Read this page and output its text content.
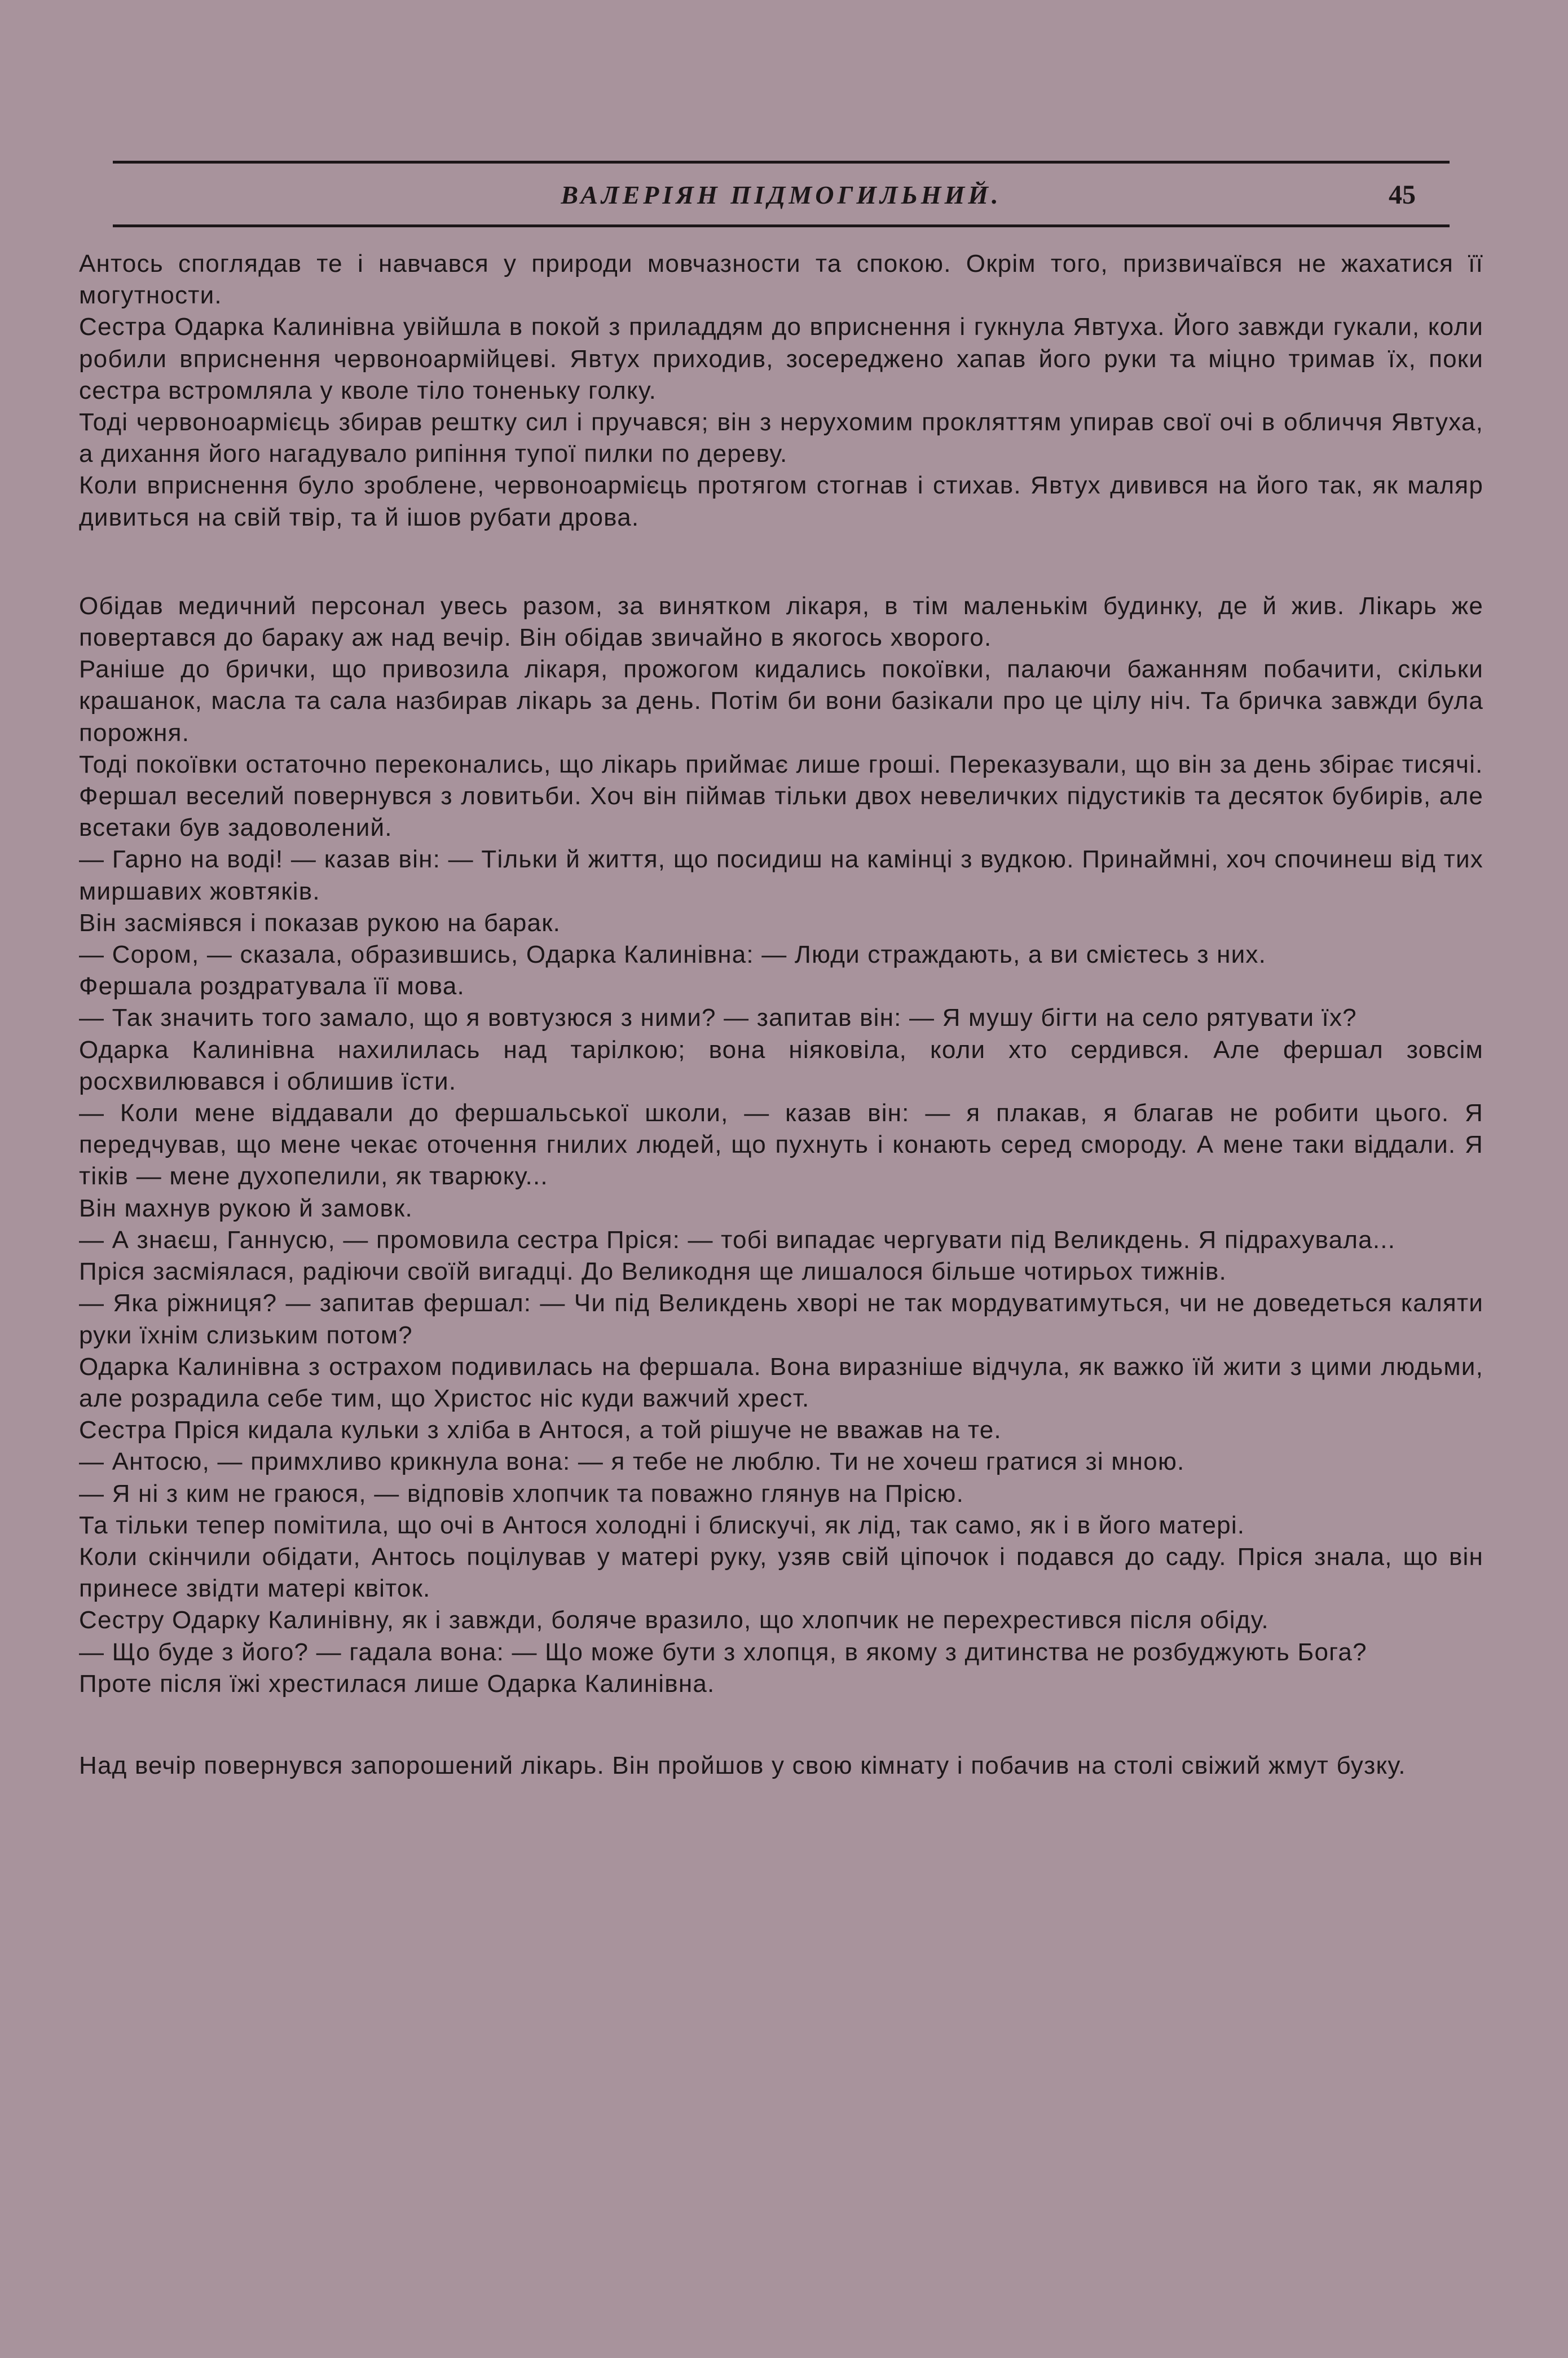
ВАЛЕРІЯН ПІДМОГИЛЬНИЙ.	45

Антось споглядав те і навчався у природи мовчазности та спокою. Окрім того, призвичаївся не жахатися її могутности.

Сестра Одарка Калинівна увійшла в покой з приладдям до вприснення і гукнула Явтуха. Його завжди гукали, коли робили вприснення червоноармійцеві. Явтух приходив, зосереджено хапав його руки та міцно тримав їх, поки сестра встромляла у кволе тіло тоненьку голку.

Тоді червоноармієць збирав рештку сил і пручався; він з нерухомим прокляттям упирав свої очі в обличчя Явтуха, а дихання його нагадувало рипіння тупої пилки по дереву.

Коли вприснення було зроблене, червоноармієць протягом стогнав і стихав. Явтух дивився на його так, як маляр дивиться на свій твір, та й ішов рубати дрова.

Обідав медичний персонал увесь разом, за винятком лікаря, в тім маленькім будинку, де й жив. Лікарь же повертався до бараку аж над вечір. Він обідав звичайно в якогось хворого.

Раніше до брички, що привозила лікаря, прожогом кидались покоївки, палаючи бажанням побачити, скільки крашанок, масла та сала назбирав лікарь за день. Потім би вони базікали про це цілу ніч. Та бричка завжди була порожня.

Тоді покоївки остаточно переконались, що лікарь приймає лише гроші. Переказували, що він за день збірає тисячі.

Фершал веселий повернувся з ловитьби. Хоч він піймав тільки двох невеличких підустиків та десяток бубирів, але всетаки був задоволений.

— Гарно на воді! — казав він: — Тільки й життя, що посидиш на камінці з вудкою. Принаймні, хоч спочинеш від тих миршавих жовтяків.

Він засміявся і показав рукою на барак.

— Сором, — сказала, образившись, Одарка Калинівна: — Люди страждають, а ви смієтесь з них.

Фершала роздратувала її мова.

— Так значить того замало, що я вовтузюся з ними? — запитав він: — Я мушу бігти на село рятувати їх?

Одарка Калинівна нахилилась над тарілкою; вона ніяковіла, коли хто сердився. Але фершал зовсім росхвилювався і облишив їсти.

— Коли мене віддавали до фершальської школи, — казав він: — я плакав, я благав не робити цього. Я передчував, що мене чекає оточення гнилих людей, що пухнуть і конають серед смороду. А мене таки віддали. Я тіків — мене духопелили, як тварюку...

Він махнув рукою й замовк.

— А знаєш, Ганнусю, — промовила сестра Пріся: — тобі випадає чергувати під Великдень. Я підрахувала...

Пріся засміялася, радіючи своїй вигадці. До Великодня ще лишалося більше чотирьох тижнів.

— Яка ріжниця? — запитав фершал: — Чи під Великдень хворі не так мордуватимуться, чи не доведеться каляти руки їхнім слизьким потом?

Одарка Калинівна з острахом подивилась на фершала. Вона виразніше відчула, як важко їй жити з цими людьми, але розрадила себе тим, що Христос ніс куди важчий хрест.

Сестра Пріся кидала кульки з хліба в Антося, а той рішуче не вважав на те.

— Антосю, — примхливо крикнула вона: — я тебе не люблю. Ти не хочеш гратися зі мною.

— Я ні з ким не граюся, — відповів хлопчик та поважно глянув на Прісю.

Та тільки тепер помітила, що очі в Антося холодні і блискучі, як лід, так само, як і в його матері.

Коли скінчили обідати, Антось поцілував у матері руку, узяв свій ціпочок і подався до саду. Пріся знала, що він принесе звідти матері квіток.

Сестру Одарку Калинівну, як і завжди, боляче вразило, що хлопчик не перехрестився після обіду.

— Що буде з його? — гадала вона: — Що може бути з хлопця, в якому з дитинства не розбуджують Бога?

Проте після їжі хрестилася лише Одарка Калинівна.

Над вечір повернувся запорошений лікарь. Він пройшов у свою кімнату і побачив на столі свіжий жмут бузку.
